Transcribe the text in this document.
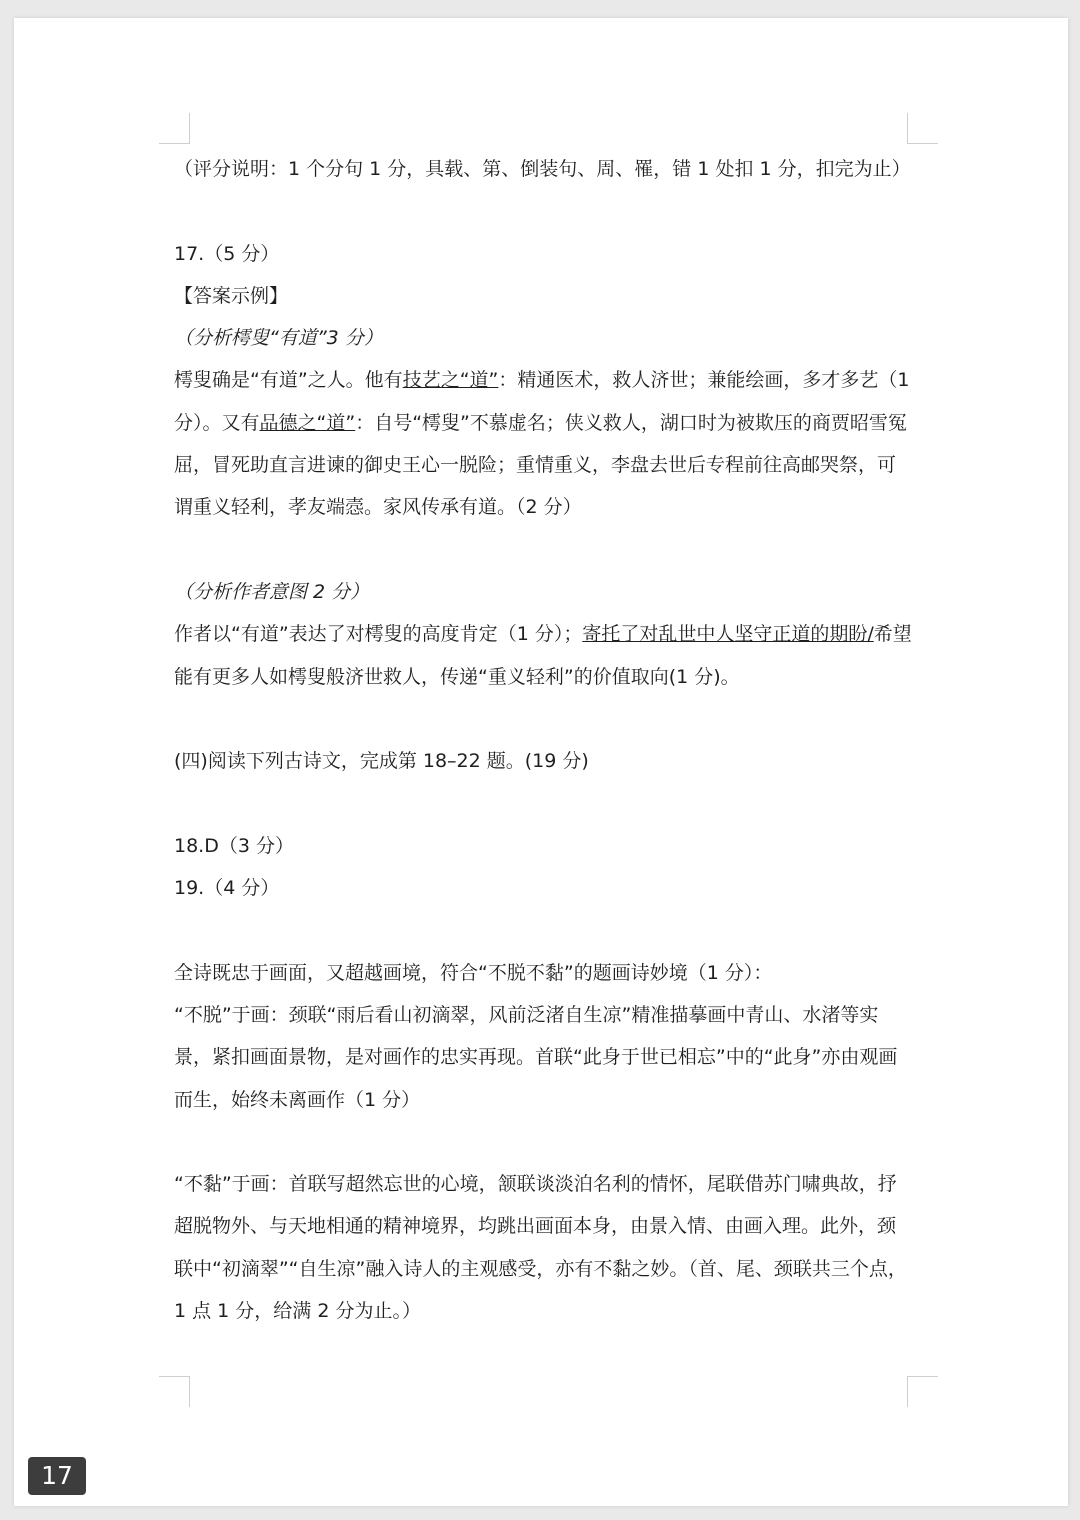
（评分说明：1 个分句 1 分，具载、第、倒装句、周、罹，错 1 处扣 1 分，扣完为止）

17.（5 分）

【答案示例】

（分析樗叟“有道”3 分）

樗叟确是“有道”之人。他有技艺之“道”：精通医术，救人济世；兼能绘画，多才多艺（1 分）。又有品德之“道”：自号“樗叟”不慕虚名；侠义救人，湖口时为被欺压的商贾昭雪冤屈，冒死助直言进谏的御史王心一脱险；重情重义，李盘去世后专程前往高邮哭祭，可谓重义轻利，孝友端悫。家风传承有道。（2 分）

（分析作者意图 2 分）

作者以“有道”表达了对樗叟的高度肯定（1 分）；寄托了对乱世中人坚守正道的期盼/希望能有更多人如樗叟般济世救人，传递“重义轻利”的价值取向(1 分)。

(四)阅读下列古诗文，完成第 18–22 题。(19 分)

18.D（3 分）

19.（4 分）

全诗既忠于画面，又超越画境，符合“不脱不黏”的题画诗妙境（1 分）：

“不脱”于画：颈联“雨后看山初滴翠，风前泛渚自生凉”精准描摹画中青山、水渚等实景，紧扣画面景物，是对画作的忠实再现。首联“此身于世已相忘”中的“此身”亦由观画而生，始终未离画作（1 分）

“不黏”于画：首联写超然忘世的心境，颔联谈淡泊名利的情怀，尾联借苏门啸典故，抒超脱物外、与天地相通的精神境界，均跳出画面本身，由景入情、由画入理。此外，颈联中“初滴翠”“自生凉”融入诗人的主观感受，亦有不黏之妙。（首、尾、颈联共三个点，1 点 1 分，给满 2 分为止。）

17
